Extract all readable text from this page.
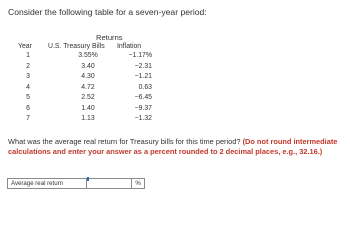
Consider the following table for a seven-year period:
Returns
Year U.S. Treasury Bills Inflation
1	3.55%	−1.17%
2	3.40	−2.31
3	4.30	−1.21
4	4.72	0.63
5	2.52	−6.45
6	1.40	−9.37
7	1.13	−1.32
What was the average real return for Treasury bills for this time period? (Do not round intermediate calculations and enter your answer as a percent rounded to 2 decimal places, e.g., 32.16.)
Average real return	%
